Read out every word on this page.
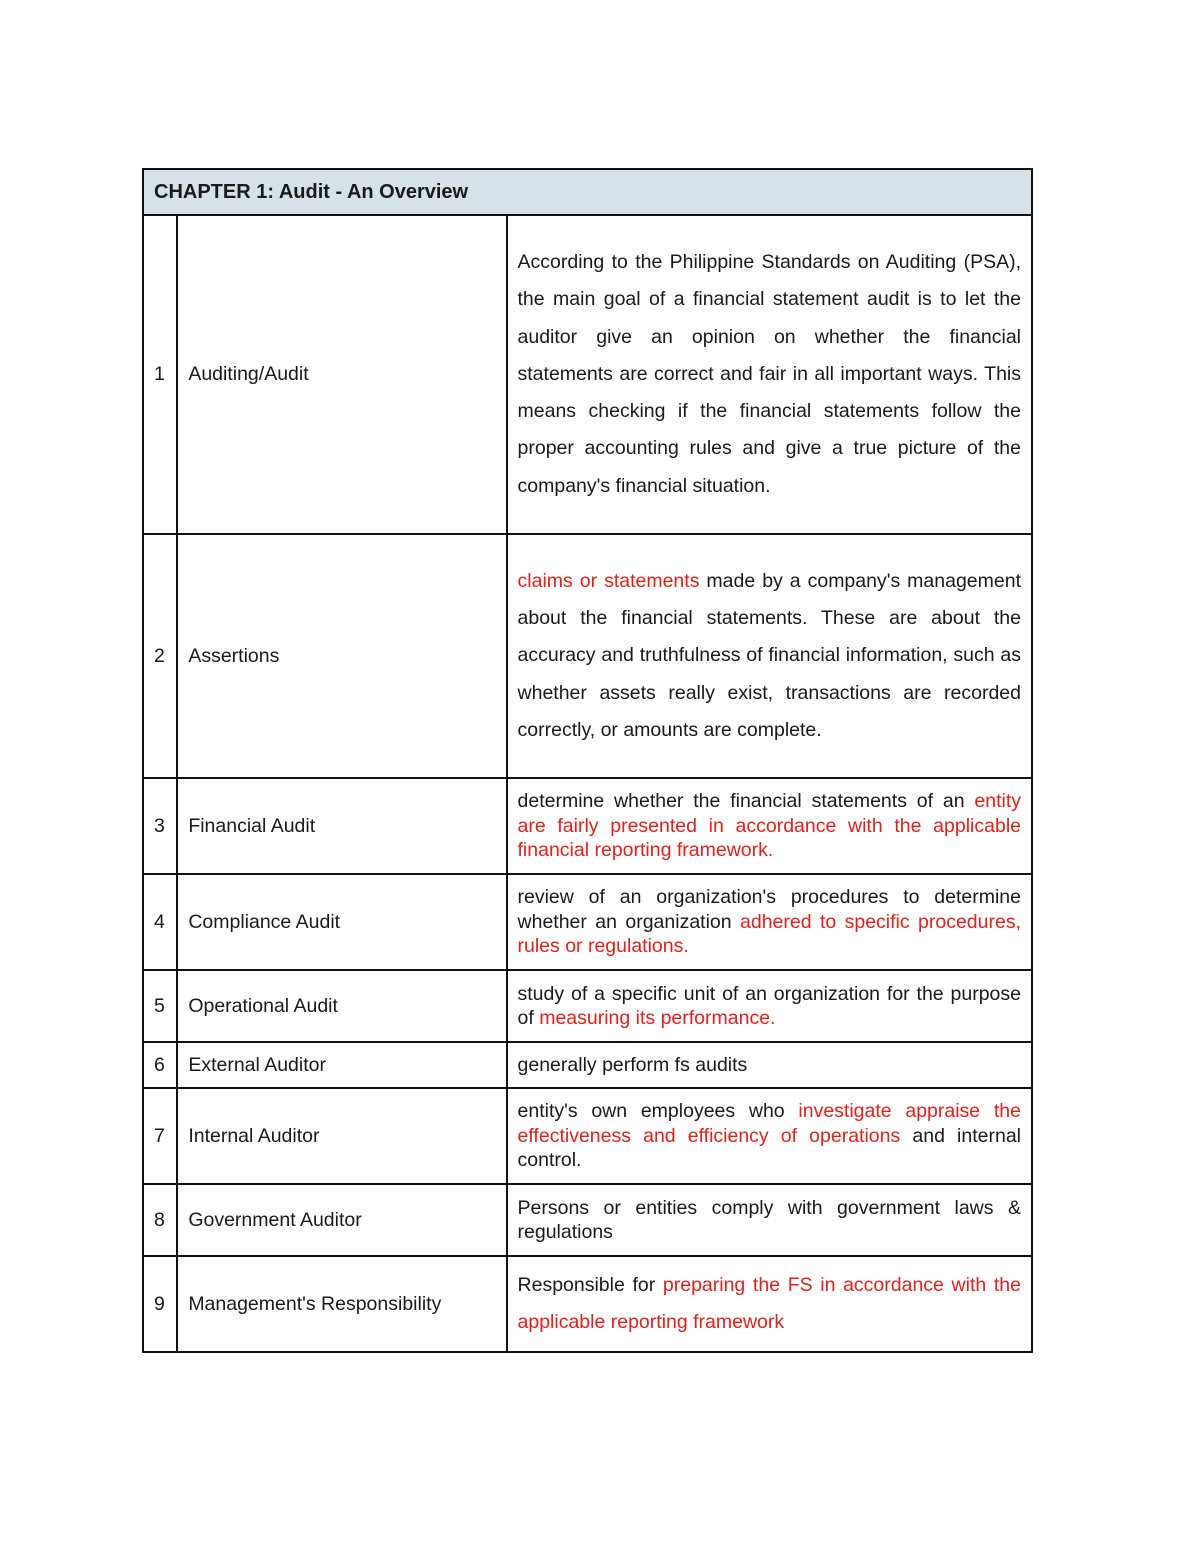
CHAPTER 1: Audit - An Overview		
1	Auditing/Audit	According to the Philippine Standards on Auditing (PSA), the main goal of a financial statement audit is to let the auditor give an opinion on whether the financial statements are correct and fair in all important ways. This means checking if the financial statements follow the proper accounting rules and give a true picture of the company's financial situation.
2	Assertions	claims or statements made by a company's management about the financial statements. These are about the accuracy and truthfulness of financial information, such as whether assets really exist, transactions are recorded correctly, or amounts are complete.
3	Financial Audit	determine whether the financial statements of an entity are fairly presented in accordance with the applicable financial reporting framework.
4	Compliance Audit	review of an organization's procedures to determine whether an organization adhered to specific procedures, rules or regulations.
5	Operational Audit	study of a specific unit of an organization for the purpose of measuring its performance.
6	External Auditor	generally perform fs audits
7	Internal Auditor	entity's own employees who investigate appraise the effectiveness and efficiency of operations and internal control.
8	Government Auditor	Persons or entities comply with government laws & regulations
9	Management's Responsibility	Responsible for preparing the FS in accordance with the applicable reporting framework
